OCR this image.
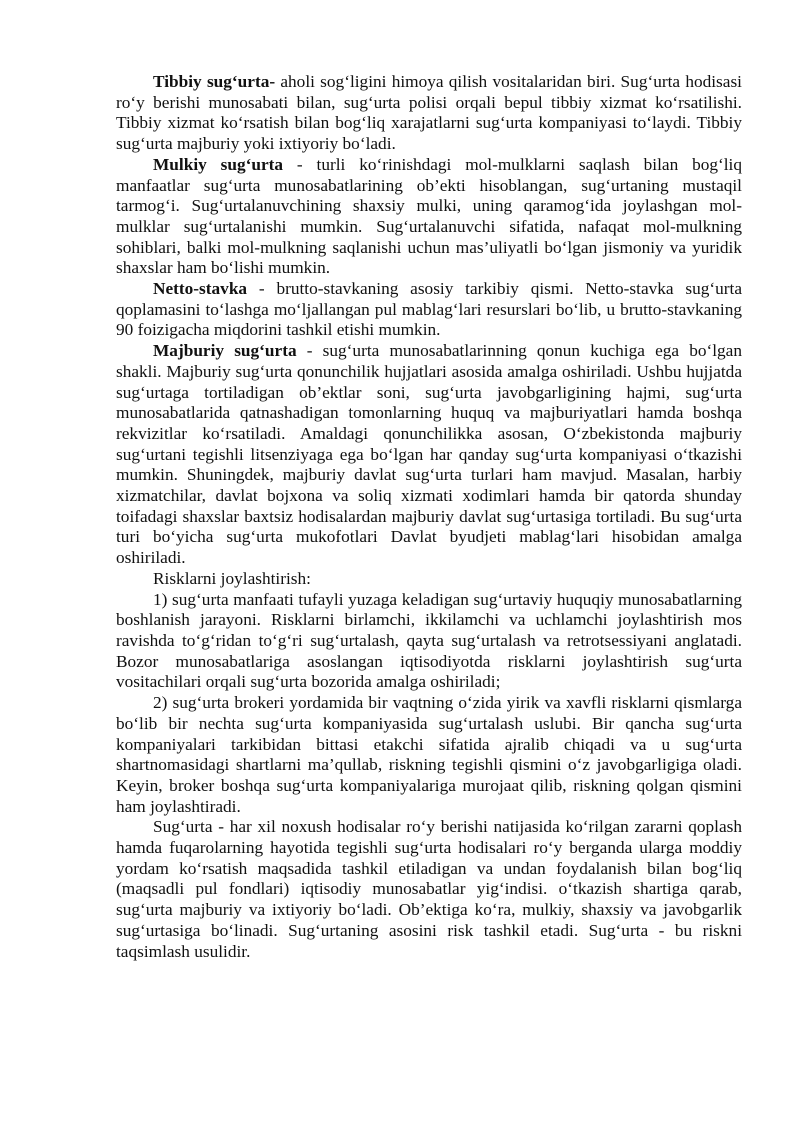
Tibbiy sug‘urta- aholi sog‘ligini himoya qilish vositalaridan biri. Sug‘urta hodisasi ro‘y berishi munosabati bilan, sug‘urta polisi orqali bepul tibbiy xizmat ko‘rsatilishi. Tibbiy xizmat ko‘rsatish bilan bog‘liq xarajatlarni sug‘urta kompaniyasi to‘laydi. Tibbiy sug‘urta majburiy yoki ixtiyoriy bo‘ladi.

Mulkiy sug‘urta - turli ko‘rinishdagi mol-mulklarni saqlash bilan bog‘liq manfaatlar sug‘urta munosabatlarining ob’ekti hisoblangan, sug‘urtaning mustaqil tarmog‘i. Sug‘urtalanuvchining shaxsiy mulki, uning qaramog‘ida joylashgan mol-mulklar sug‘urtalanishi mumkin. Sug‘urtalanuvchi sifatida, nafaqat mol-mulkning sohiblari, balki mol-mulkning saqlanishi uchun mas’uliyatli bo‘lgan jismoniy va yuridik shaxslar ham bo‘lishi mumkin.

Netto-stavka - brutto-stavkaning asosiy tarkibiy qismi. Netto-stavka sug‘urta qoplamasini to‘lashga mo‘ljallangan pul mablag‘lari resurslari bo‘lib, u brutto-stavkaning 90 foizigacha miqdorini tashkil etishi mumkin.

Majburiy sug‘urta - sug‘urta munosabatlarinning qonun kuchiga ega bo‘lgan shakli. Majburiy sug‘urta qonunchilik hujjatlari asosida amalga oshiriladi. Ushbu hujjatda sug‘urtaga tortiladigan ob’ektlar soni, sug‘urta javobgarligining hajmi, sug‘urta munosabatlarida qatnashadigan tomonlarning huquq va majburiyatlari hamda boshqa rekvizitlar ko‘rsatiladi. Amaldagi qonunchilikka asosan, O‘zbekistonda majburiy sug‘urtani tegishli litsenziyaga ega bo‘lgan har qanday sug‘urta kompaniyasi o‘tkazishi mumkin. Shuningdek, majburiy davlat sug‘urta turlari ham mavjud. Masalan, harbiy xizmatchilar, davlat bojxona va soliq xizmati xodimlari hamda bir qatorda shunday toifadagi shaxslar baxtsiz hodisalardan majburiy davlat sug‘urtasiga tortiladi. Bu sug‘urta turi bo‘yicha sug‘urta mukofotlari Davlat byudjeti mablag‘lari hisobidan amalga oshiriladi.

Risklarni joylashtirish:

1) sug‘urta manfaati tufayli yuzaga keladigan sug‘urtaviy huquqiy munosabatlarning boshlanish jarayoni. Risklarni birlamchi, ikkilamchi va uchlamchi joylashtirish mos ravishda to‘g‘ridan to‘g‘ri sug‘urtalash, qayta sug‘urtalash va retrotsessiyani anglatadi. Bozor munosabatlariga asoslangan iqtisodiyotda risklarni joylashtirish sug‘urta vositachilari orqali sug‘urta bozorida amalga oshiriladi;

2) sug‘urta brokeri yordamida bir vaqtning o‘zida yirik va xavfli risklarni qismlarga bo‘lib bir nechta sug‘urta kompaniyasida sug‘urtalash uslubi. Bir qancha sug‘urta kompaniyalari tarkibidan bittasi etakchi sifatida ajralib chiqadi va u sug‘urta shartnomasidagi shartlarni ma’qullab, riskning tegishli qismini o‘z javobgarligiga oladi. Keyin, broker boshqa sug‘urta kompaniyalariga murojaat qilib, riskning qolgan qismini ham joylashtiradi.

Sug‘urta - har xil noxush hodisalar ro‘y berishi natijasida ko‘rilgan zararni qoplash hamda fuqarolarning hayotida tegishli sug‘urta hodisalari ro‘y berganda ularga moddiy yordam ko‘rsatish maqsadida tashkil etiladigan va undan foydalanish bilan bog‘liq (maqsadli pul fondlari) iqtisodiy munosabatlar yig‘indisi. o‘tkazish shartiga qarab, sug‘urta majburiy va ixtiyoriy bo‘ladi. Ob’ektiga ko‘ra, mulkiy, shaxsiy va javobgarlik sug‘urtasiga bo‘linadi. Sug‘urtaning asosini risk tashkil etadi. Sug‘urta - bu riskni taqsimlash usulidir.
